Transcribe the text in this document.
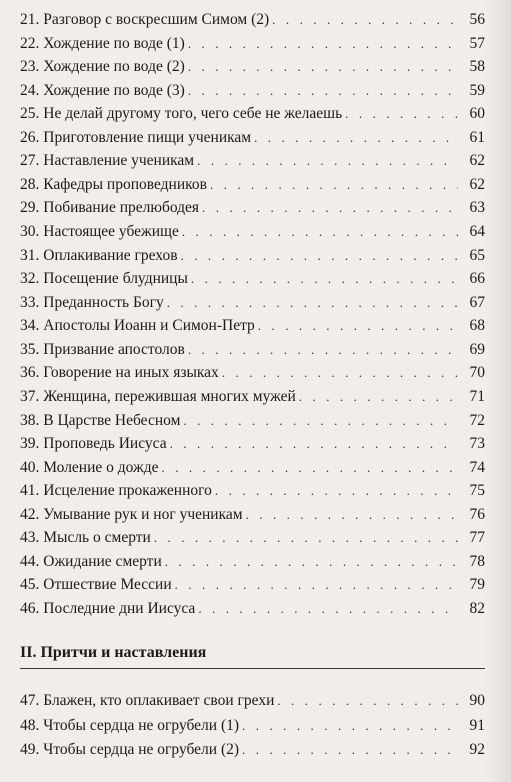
21. Разговор с воскресшим Симом (2) . . .	56
22. Хождение по воде (1) . . .	57
23. Хождение по воде (2) . . .	58
24. Хождение по воде (3) . . .	59
25. Не делай другому того, чего себе не желаешь . . .	60
26. Приготовление пищи ученикам . . .	61
27. Наставление ученикам . . .	62
28. Кафедры проповедников . . .	62
29. Побивание прелюбодея . . .	63
30. Настоящее убежище . . .	64
31. Оплакивание грехов . . .	65
32. Посещение блудницы . . .	66
33. Преданность Богу . . .	67
34. Апостолы Иоанн и Симон-Петр . . .	68
35. Призвание апостолов . . .	69
36. Говорение на иных языках . . .	70
37. Женщина, пережившая многих мужей . . .	71
38. В Царстве Небесном . . .	72
39. Проповедь Иисуса . . .	73
40. Моление о дожде . . .	74
41. Исцеление прокаженного . . .	75
42. Умывание рук и ног ученикам . . .	76
43. Мысль о смерти . . .	77
44. Ожидание смерти . . .	78
45. Отшествие Мессии . . .	79
46. Последние дни Иисуса . . .	82
II. Притчи и наставления
47. Блажен, кто оплакивает свои грехи . . .	90
48. Чтобы сердца не огрубели (1) . . .	91
49. Чтобы сердца не огрубели (2) . . .	92
